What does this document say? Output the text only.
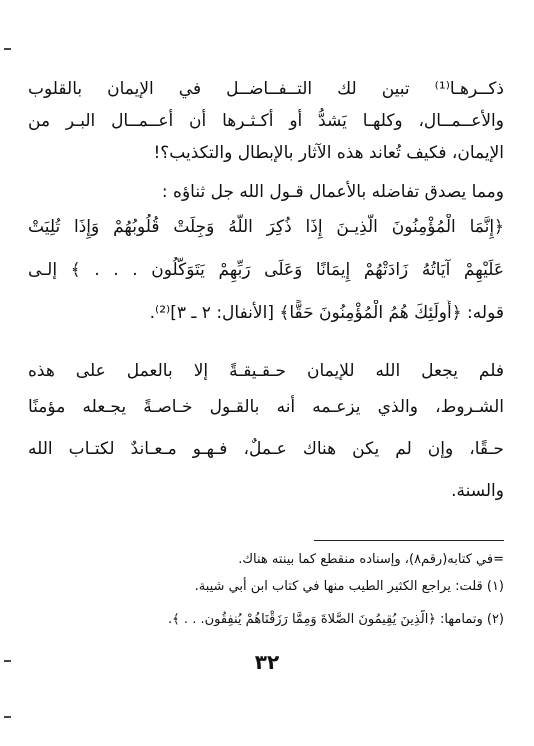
ذكــرهـا⁽¹⁾ تبين لك التــفــاضــل في الإيمان بالقلوب
والأعــمــال، وكلهـا يَشدُّ أو أكـثـرها أن أعــمــال البـر من
الإيمان، فكيف تُعاند هذه الآثار بالإبطال والتكذيب؟!
ومما يصدق تفاضله بالأعمال قـول الله جل ثناؤه :
﴿إِنَّمَا الْمُؤْمِنُونَ الَّذِيـنَ إِذَا ذُكِرَ اللَّهُ وَجِلَتْ قُلُوبُهُمْ وَإِذَا تُلِيَتْ
عَلَيْهِمْ آيَاتُهُ زَادَتْهُمْ إِيمَانًا وَعَلَى رَبِّهِمْ يَتَوَكَّلُون . . . ﴾ إلـى
قوله: ﴿أُولَئِكَ هُمُ الْمُؤْمِنُونَ حَقًّا﴾ [الأنفال: ٢ ـ ٣]⁽²⁾.
فلم يجعل الله للإيمان حـقـيقـةً إلا بالعمل على هذه
الشـروط، والذي يزعـمه أنه بالقـول خـاصـةً يجـعله مؤمنًا
حـقًا، وإن لم يكن هناك عـملٌ، فـهـو مـعـاندٌ لكتـاب الله
والسنة.
=في كتابه(رقم٨)، وإسناده منقطع كما بينته هناك.
(١) قلت: يراجع الكثير الطيب منها في كتاب ابن أبي شيبة.
(٢) وتمامها: ﴿الَّذِينَ يُقِيمُونَ الصَّلاةَ وَمِمَّا رَزَقْنَاهُمْ يُنفِقُون. . . ﴾.
٣٢
